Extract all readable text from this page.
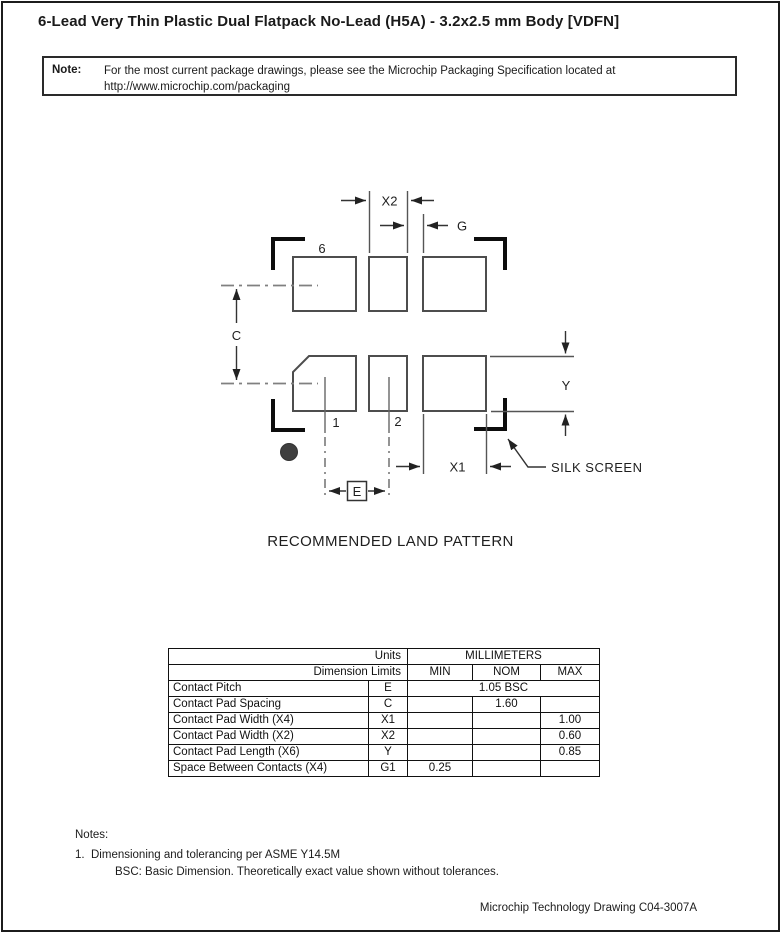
6-Lead Very Thin Plastic Dual Flatpack No-Lead (H5A) - 3.2x2.5 mm Body [VDFN]
Note:	For the most current package drawings, please see the Microchip Packaging Specification located at
http://www.microchip.com/packaging
6
X2
G
C
1	2
X1
Y
E
SILK SCREEN
RECOMMENDED LAND PATTERN
Units		MILLIMETERS		
Dimension Limits		MIN	NOM	MAX
Contact Pitch	E	1.05 BSC		
Contact Pad Spacing	C		1.60	
Contact Pad Width (X4)	X1			1.00
Contact Pad Width (X2)	X2			0.60
Contact Pad Length (X6)	Y			0.85
Space Between Contacts (X4)	G1	0.25		
Notes:
1. Dimensioning and tolerancing per ASME Y14.5M
BSC: Basic Dimension. Theoretically exact value shown without tolerances.
Microchip Technology Drawing C04-3007A
